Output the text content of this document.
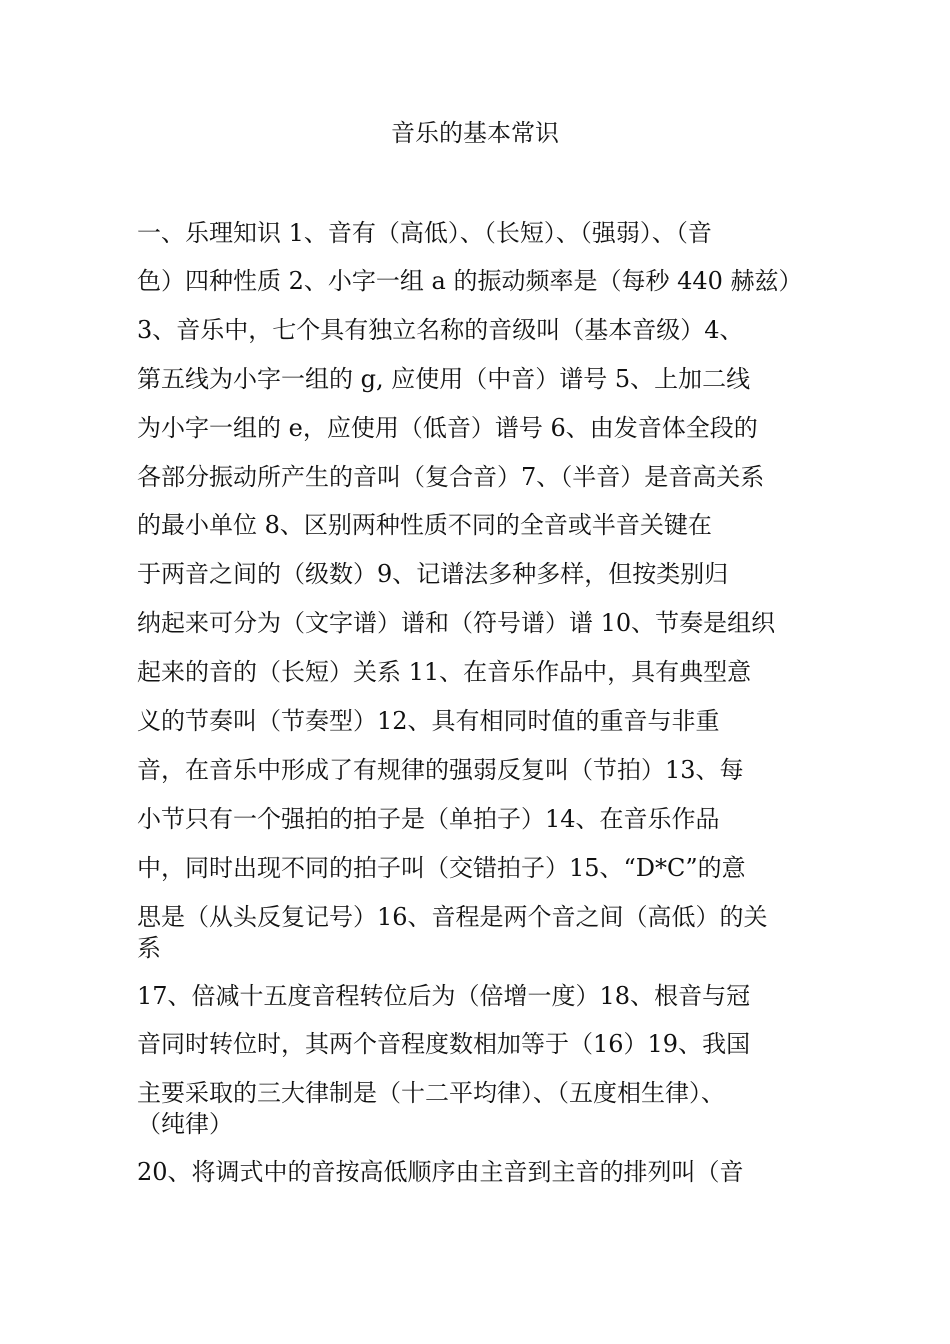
音乐的基本常识
一、乐理知识 1、音有（高低）、（长短）、（强弱）、（音
色）四种性质 2、小字一组 a 的振动频率是（每秒 440 赫兹）
3、音乐中，七个具有独立名称的音级叫（基本音级）4、
第五线为小字一组的 g, 应使用（中音）谱号 5、上加二线
为小字一组的 e，应使用（低音）谱号 6、由发音体全段的
各部分振动所产生的音叫（复合音）7、（半音）是音高关系
的最小单位 8、区别两种性质不同的全音或半音关键在
于两音之间的（级数）9、记谱法多种多样，但按类别归
纳起来可分为（文字谱）谱和（符号谱）谱 10、节奏是组织
起来的音的（长短）关系 11、在音乐作品中，具有典型意
义的节奏叫（节奏型）12、具有相同时值的重音与非重
音，在音乐中形成了有规律的强弱反复叫（节拍）13、每
小节只有一个强拍的拍子是（单拍子）14、在音乐作品
中，同时出现不同的拍子叫（交错拍子）15、“D*C”的意
思是（从头反复记号）16、音程是两个音之间（高低）的关
系
17、倍减十五度音程转位后为（倍增一度）18、根音与冠
音同时转位时，其两个音程度数相加等于（16）19、我国
主要采取的三大律制是（十二平均律）、（五度相生律）、
（纯律）
20、将调式中的音按高低顺序由主音到主音的排列叫（音
